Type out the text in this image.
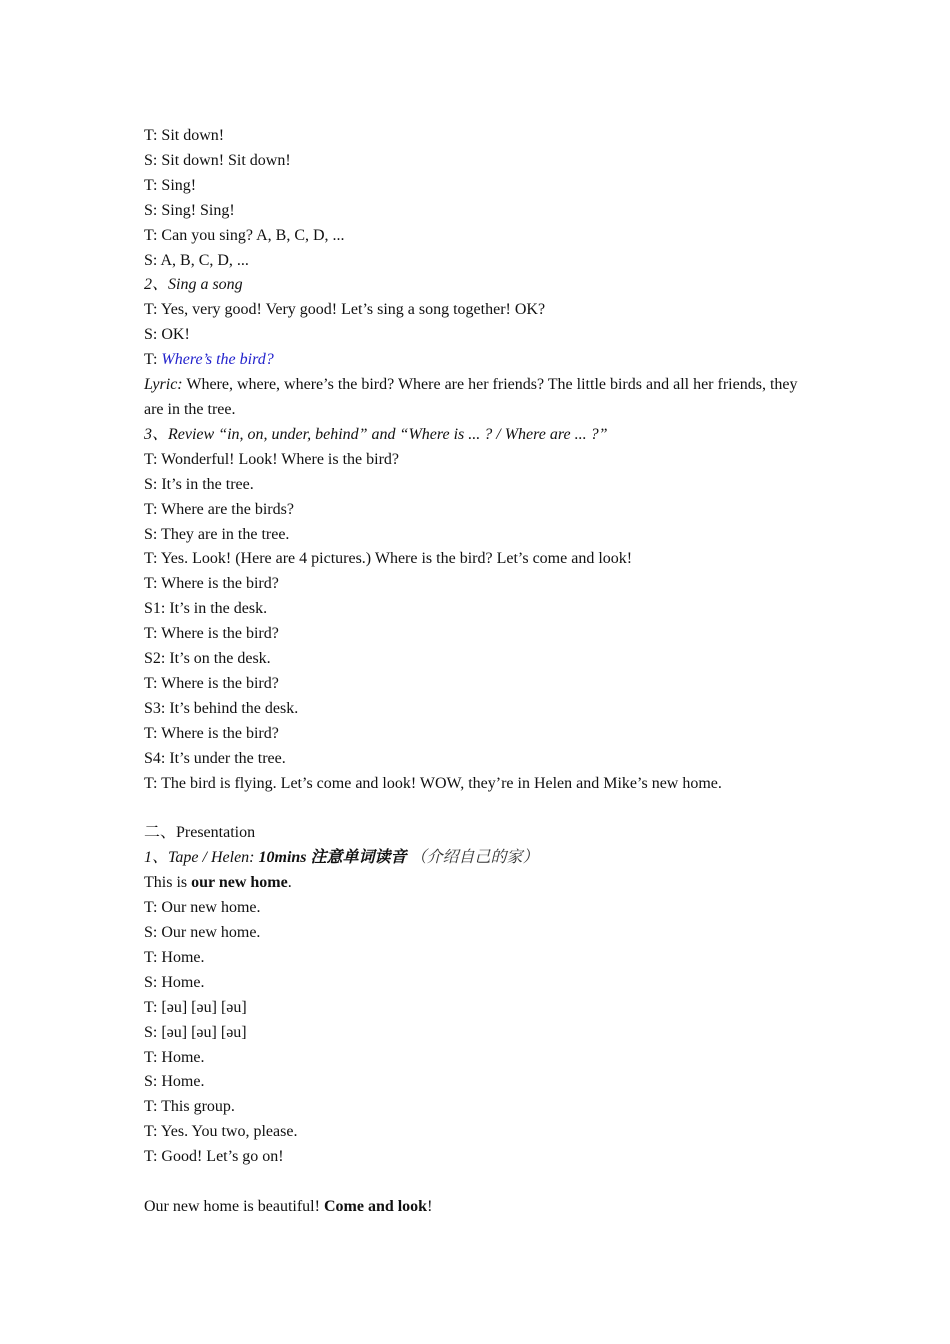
T: Sit down!
S: Sit down! Sit down!
T: Sing!
S: Sing! Sing!
T: Can you sing? A, B, C, D, ...
S: A, B, C, D, ...
2、Sing a song
T: Yes, very good! Very good! Let’s sing a song together! OK?
S: OK!
T: Where’s the bird?
Lyric: Where, where, where’s the bird? Where are her friends? The little birds and all her friends, they are in the tree.
3、Review “in, on, under, behind” and “Where is ... ? / Where are ... ?”
T: Wonderful! Look! Where is the bird?
S: It’s in the tree.
T: Where are the birds?
S: They are in the tree.
T: Yes. Look! (Here are 4 pictures.) Where is the bird? Let’s come and look!
T: Where is the bird?
S1: It’s in the desk.
T: Where is the bird?
S2: It’s on the desk.
T: Where is the bird?
S3: It’s behind the desk.
T: Where is the bird?
S4: It’s under the tree.
T: The bird is flying. Let’s come and look! WOW, they’re in Helen and Mike’s new home.
二、Presentation
1、Tape / Helen: 10mins 注意单词读音 （介绍自己的家）
This is our new home.
T: Our new home.
S: Our new home.
T: Home.
S: Home.
T: [əu] [əu] [əu]
S: [əu] [əu] [əu]
T: Home.
S: Home.
T: This group.
T: Yes. You two, please.
T: Good! Let’s go on!
Our new home is beautiful! Come and look!
